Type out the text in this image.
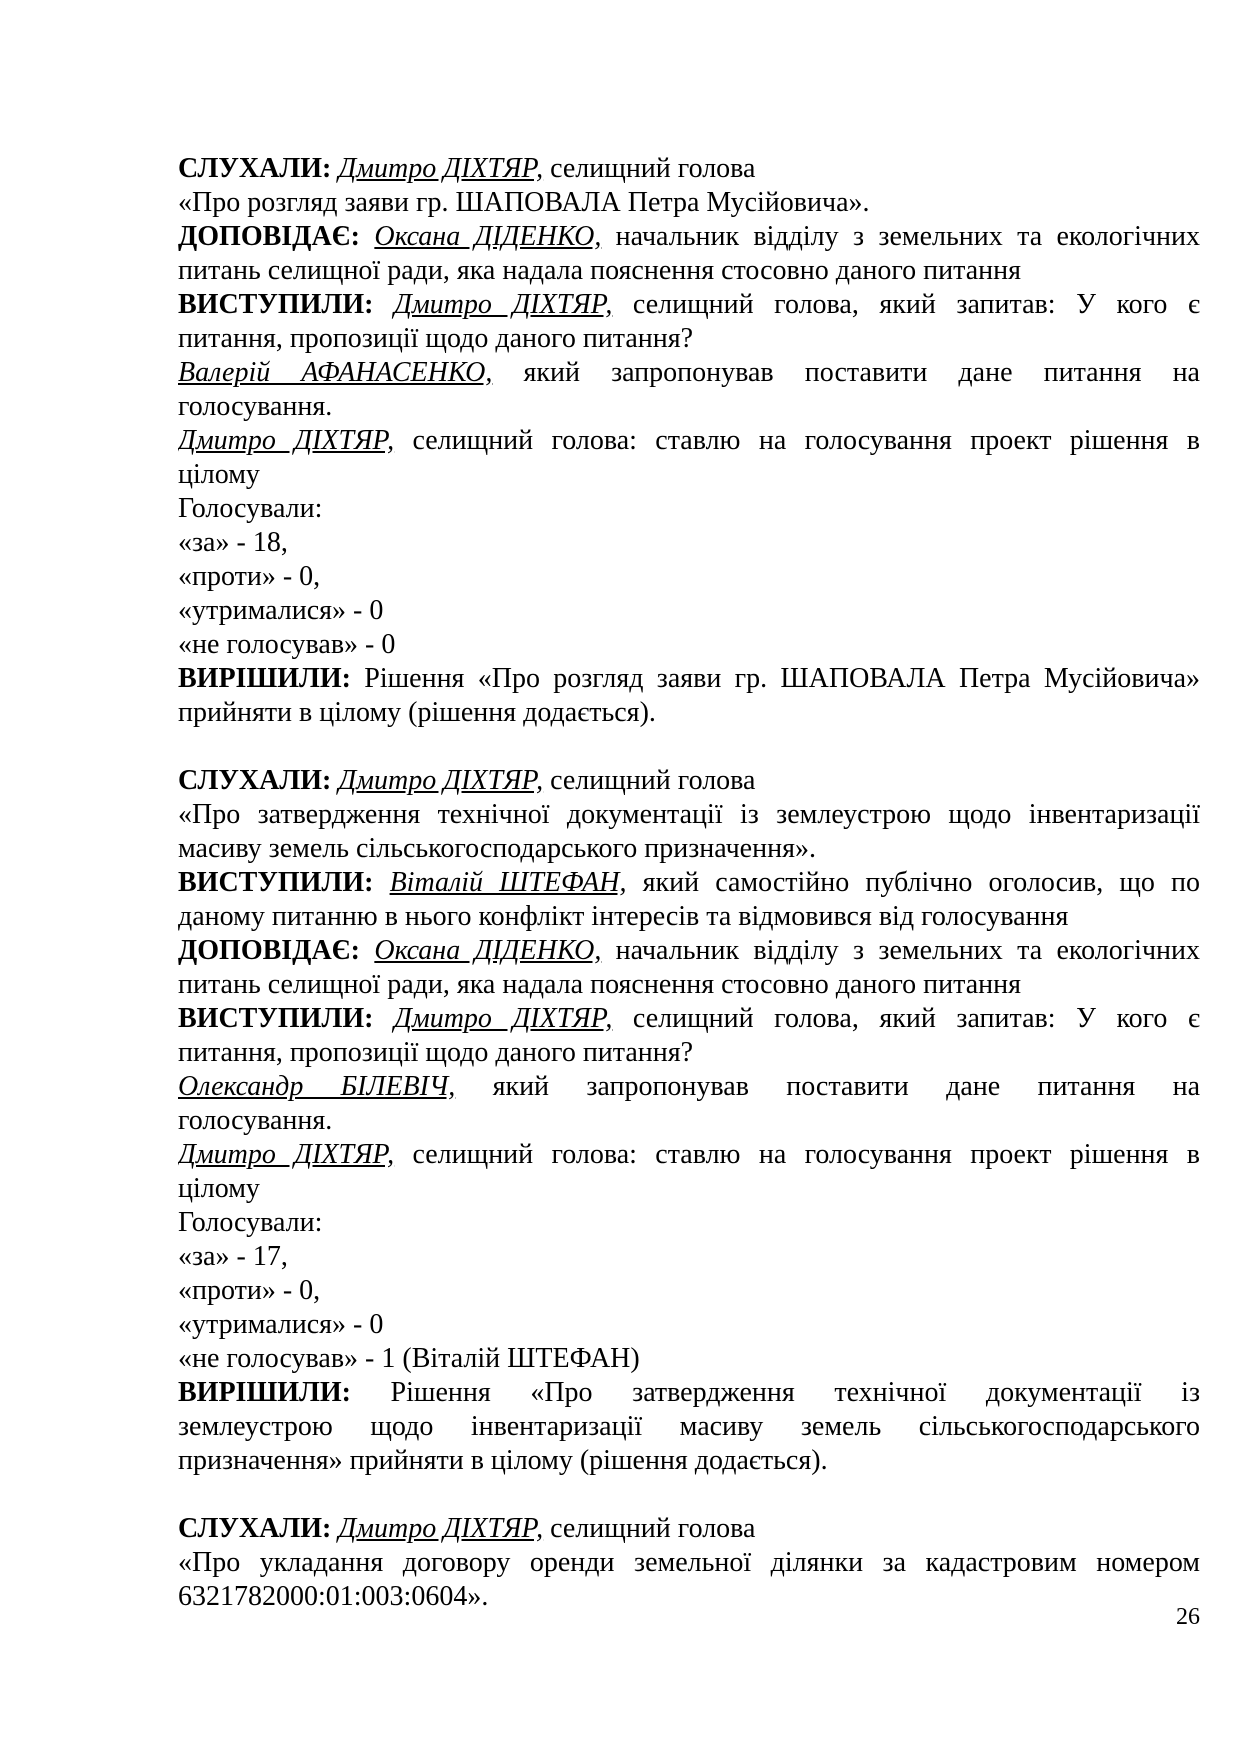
СЛУХАЛИ: Дмитро ДІХТЯР, селищний голова
«Про розгляд заяви гр. ШАПОВАЛА Петра Мусійовича».
ДОПОВІДАЄ: Оксана ДІДЕНКО, начальник відділу з земельних та екологічних
питань селищної ради, яка надала пояснення стосовно даного питання
ВИСТУПИЛИ: Дмитро ДІХТЯР, селищний голова, який запитав: У кого є
питання, пропозиції щодо даного питання?
Валерій АФАНАСЕНКО, який запропонував поставити дане питання на
голосування.
Дмитро ДІХТЯР, селищний голова: ставлю на голосування проект рішення в
цілому
Голосували:
«за» - 18,
«проти» - 0,
«утрималися» - 0
«не голосував» - 0
ВИРІШИЛИ: Рішення «Про розгляд заяви гр. ШАПОВАЛА Петра Мусійовича»
прийняти в цілому (рішення додається).
СЛУХАЛИ: Дмитро ДІХТЯР, селищний голова
«Про затвердження технічної документації із землеустрою щодо інвентаризації
масиву земель сільськогосподарського призначення».
ВИСТУПИЛИ: Віталій ШТЕФАН, який самостійно публічно оголосив, що по
даному питанню в нього конфлікт інтересів та відмовився від голосування
ДОПОВІДАЄ: Оксана ДІДЕНКО, начальник відділу з земельних та екологічних
питань селищної ради, яка надала пояснення стосовно даного питання
ВИСТУПИЛИ: Дмитро ДІХТЯР, селищний голова, який запитав: У кого є
питання, пропозиції щодо даного питання?
Олександр БІЛЕВІЧ, який запропонував поставити дане питання на
голосування.
Дмитро ДІХТЯР, селищний голова: ставлю на голосування проект рішення в
цілому
Голосували:
«за» - 17,
«проти» - 0,
«утрималися» - 0
«не голосував» - 1 (Віталій ШТЕФАН)
ВИРІШИЛИ: Рішення «Про затвердження технічної документації із
землеустрою щодо інвентаризації масиву земель сільськогосподарського
призначення» прийняти в цілому (рішення додається).
СЛУХАЛИ: Дмитро ДІХТЯР, селищний голова
«Про укладання договору оренди земельної ділянки за кадастровим номером
6321782000:01:003:0604».
26
